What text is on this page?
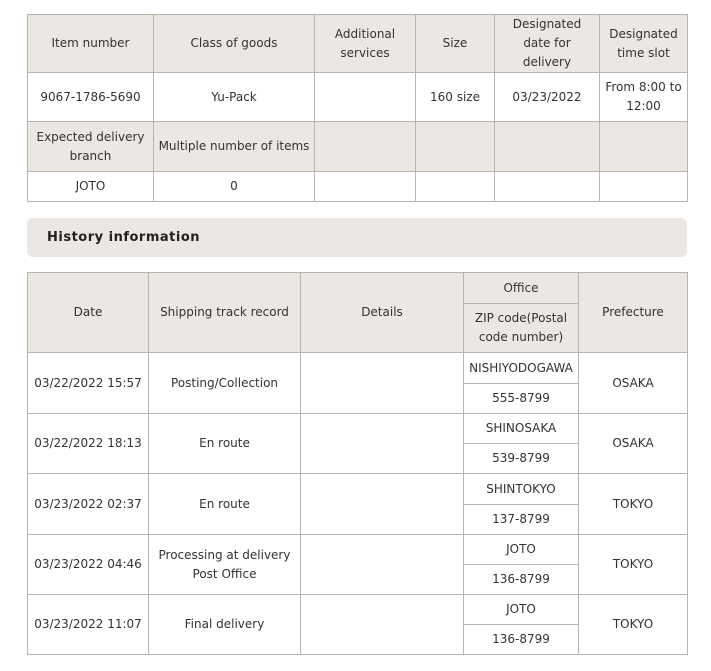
Item number	Class of goods	Additional services	Size	Designated date for delivery	Designated time slot
9067-1786-5690	Yu-Pack		160 size	03/23/2022	From 8:00 to 12:00
Expected delivery branch	Multiple number of items				
JOTO	0				
History information
Date	Shipping track record	Details	Office	Prefecture
			ZIP code(Postal code number)	
03/22/2022 15:57	Posting/Collection		NISHIYODOGAWA	OSAKA
			555-8799	
03/22/2022 18:13	En route		SHINOSAKA	OSAKA
			539-8799	
03/23/2022 02:37	En route		SHINTOKYO	TOKYO
			137-8799	
03/23/2022 04:46	Processing at delivery Post Office		JOTO	TOKYO
			136-8799	
03/23/2022 11:07	Final delivery		JOTO	TOKYO
			136-8799	
